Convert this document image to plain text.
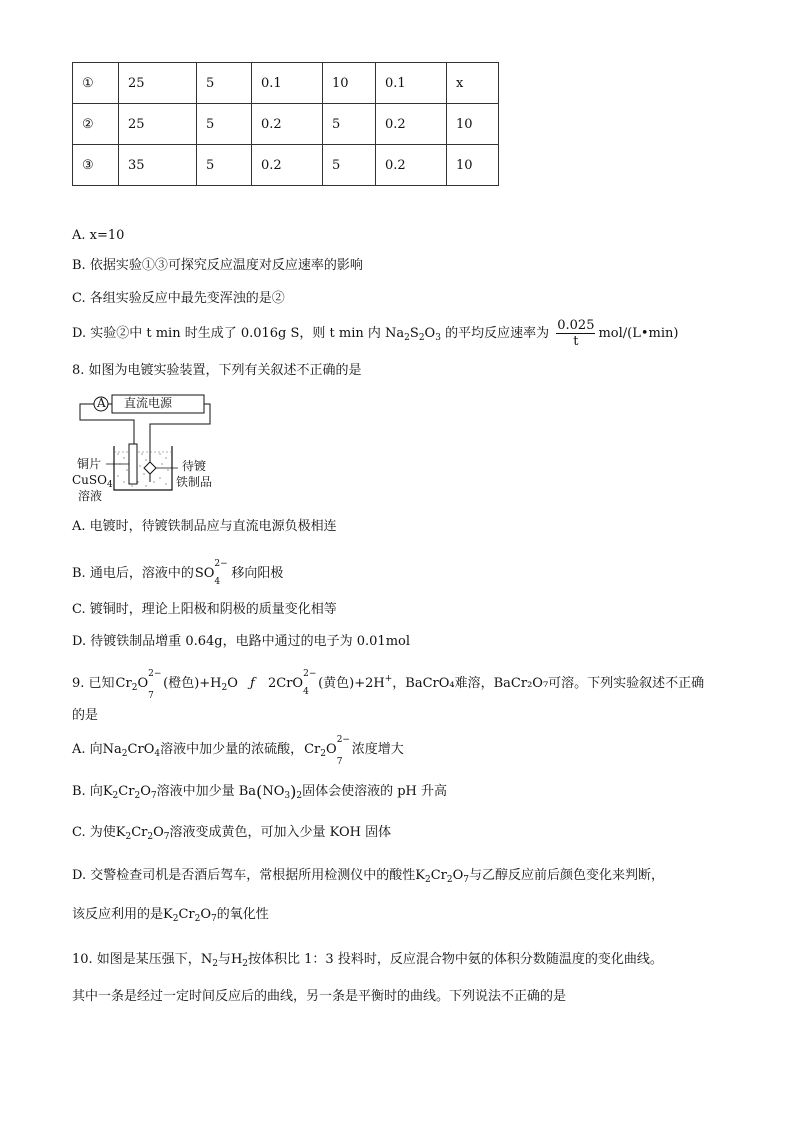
①	25	5	0.1	10	0.1	x
②	25	5	0.2	5	0.2	10
③	35	5	0.2	5	0.2	10
A. x=10
B. 依据实验①③可探究反应温度对反应速率的影响
C. 各组实验反应中最先变浑浊的是②
D. 实验②中 t min 时生成了 0.016g S，则 t min 内 $Na_2S_2O_3$ 的平均反应速率为 $\frac{0.025}{t}$ mol/(L•min)
8. 如图为电镀实验装置，下列有关叙述不正确的是
A 直流电源
铜片
CuSO$_4$
溶液
待镀
铁制品
A. 电镀时，待镀铁制品应与直流电源负极相连
B. 通电后，溶液中的SO
2−
4
移向阳极
C. 镀铜时，理论上阳极和阴极的质量变化相等
D. 待镀铁制品增重 0.64g，电路中通过的电子为 0.01mol
9. 已知$Cr_2O$
2−
7
(橙色)$+H_2O$ ƒ 2CrO
2−
4
(黄色)+2H+，BaCrO₄难溶，BaCr₂O₇可溶。下列实验叙述不正确
的是
A. 向$Na_2CrO_4$溶液中加少量的浓硫酸，$Cr_2O$
2−
7
浓度增大
B. 向$K_2Cr_2O_7$溶液中加少量 $Ba(NO_3)_2$固体会使溶液的 pH 升高
C. 为使$K_2Cr_2O_7$溶液变成黄色，可加入少量 KOH 固体
D. 交警检查司机是否酒后驾车，常根据所用检测仪中的酸性$K_2Cr_2O_7$与乙醇反应前后颜色变化来判断，
该反应利用的是$K_2Cr_2O_7$的氧化性
10. 如图是某压强下，$N_2$与$H_2$按体积比 1：3 投料时，反应混合物中氨的体积分数随温度的变化曲线。
其中一条是经过一定时间反应后的曲线，另一条是平衡时的曲线。下列说法不正确的是
